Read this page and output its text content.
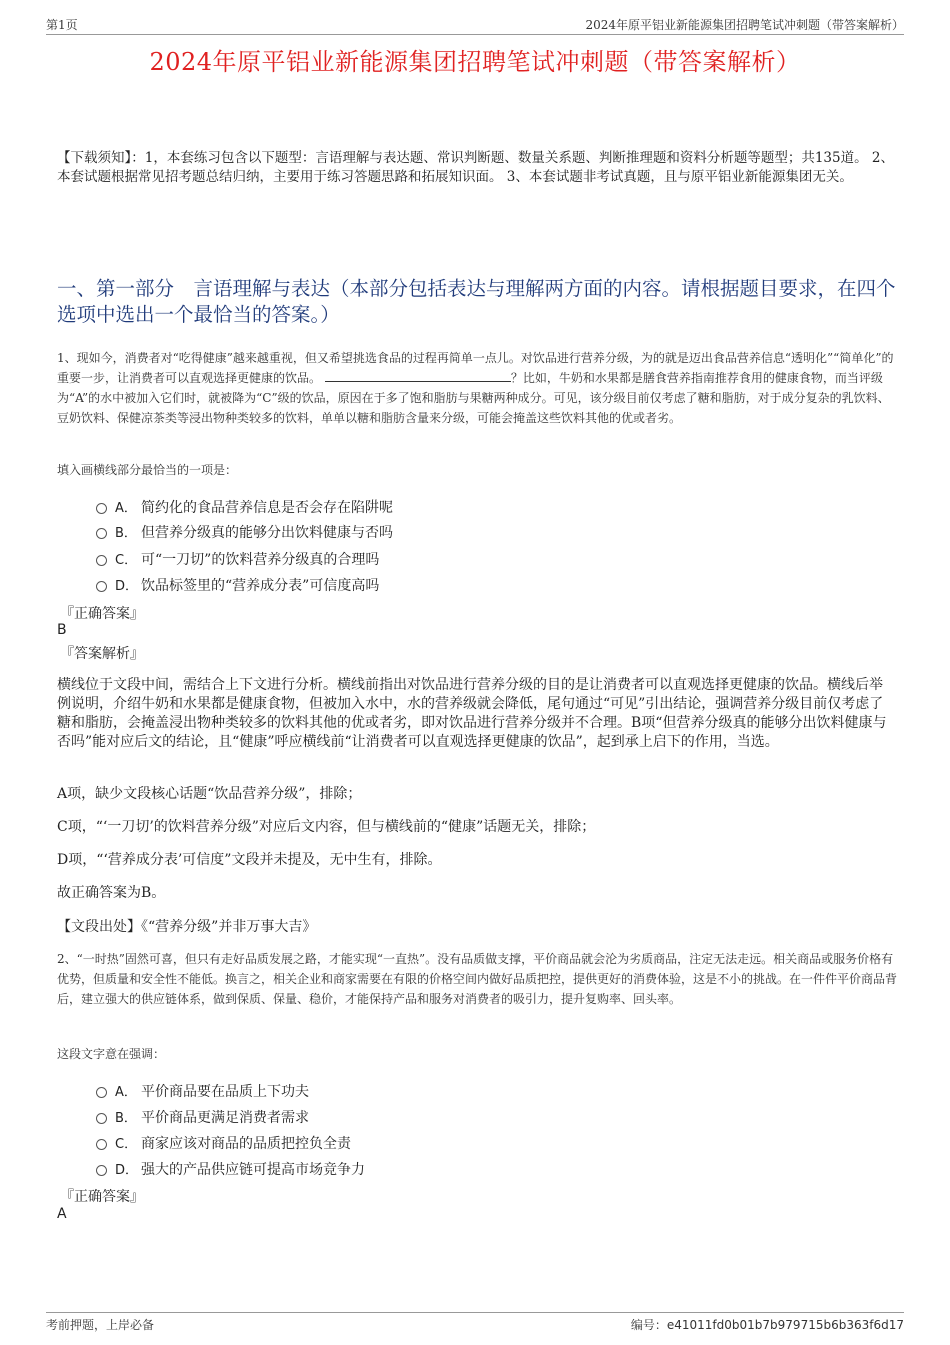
第1页	2024年原平铝业新能源集团招聘笔试冲刺题（带答案解析）
2024年原平铝业新能源集团招聘笔试冲刺题（带答案解析）
【下载须知】：1，本套练习包含以下题型：言语理解与表达题、常识判断题、数量关系题、判断推理题和资料分析题等题型；共135道。 2、本套试题根据常见招考题总结归纳，主要用于练习答题思路和拓展知识面。 3、本套试题非考试真题，且与原平铝业新能源集团无关。
一、第一部分　言语理解与表达（本部分包括表达与理解两方面的内容。请根据题目要求，在四个选项中选出一个最恰当的答案。）
1、现如今，消费者对“吃得健康”越来越重视，但又希望挑选食品的过程再简单一点儿。对饮品进行营养分级，为的就是迈出食品营养信息“透明化”“简单化”的重要一步，让消费者可以直观选择更健康的饮品。	？比如，牛奶和水果都是膳食营养指南推荐食用的健康食物，而当评级为“A”的水中被加入它们时，就被降为“C”级的饮品，原因在于多了饱和脂肪与果糖两种成分。可见，该分级目前仅考虑了糖和脂肪，对于成分复杂的乳饮料、豆奶饮料、保健凉茶类等浸出物种类较多的饮料，单单以糖和脂肪含量来分级，可能会掩盖这些饮料其他的优或者劣。
填入画横线部分最恰当的一项是：
A． 简约化的食品营养信息是否会存在陷阱呢
B． 但营养分级真的能够分出饮料健康与否吗
C． 可“一刀切”的饮料营养分级真的合理吗
D． 饮品标签里的“营养成分表”可信度高吗
『正确答案』
B
『答案解析』
横线位于文段中间，需结合上下文进行分析。横线前指出对饮品进行营养分级的目的是让消费者可以直观选择更健康的饮品。横线后举例说明，介绍牛奶和水果都是健康食物，但被加入水中，水的营养级就会降低，尾句通过“可见”引出结论，强调营养分级目前仅考虑了糖和脂肪，会掩盖浸出物种类较多的饮料其他的优或者劣，即对饮品进行营养分级并不合理。B项“但营养分级真的能够分出饮料健康与否吗”能对应后文的结论，且“健康”呼应横线前“让消费者可以直观选择更健康的饮品”，起到承上启下的作用，当选。
A项，缺少文段核心话题“饮品营养分级”，排除；
C项，“‘一刀切’的饮料营养分级”对应后文内容，但与横线前的“健康”话题无关，排除；
D项，“‘营养成分表’可信度”文段并未提及，无中生有，排除。
故正确答案为B。
【文段出处】《“营养分级”并非万事大吉》
2、“一时热”固然可喜，但只有走好品质发展之路，才能实现“一直热”。没有品质做支撑，平价商品就会沦为劣质商品，注定无法走远。相关商品或服务价格有优势，但质量和安全性不能低。换言之，相关企业和商家需要在有限的价格空间内做好品质把控，提供更好的消费体验，这是不小的挑战。在一件件平价商品背后，建立强大的供应链体系，做到保质、保量、稳价，才能保持产品和服务对消费者的吸引力，提升复购率、回头率。
这段文字意在强调：
A． 平价商品要在品质上下功夫
B． 平价商品更满足消费者需求
C． 商家应该对商品的品质把控负全责
D． 强大的产品供应链可提高市场竞争力
『正确答案』
A
考前押题，上岸必备	编号：e41011fd0b01b7b979715b6b363f6d17
